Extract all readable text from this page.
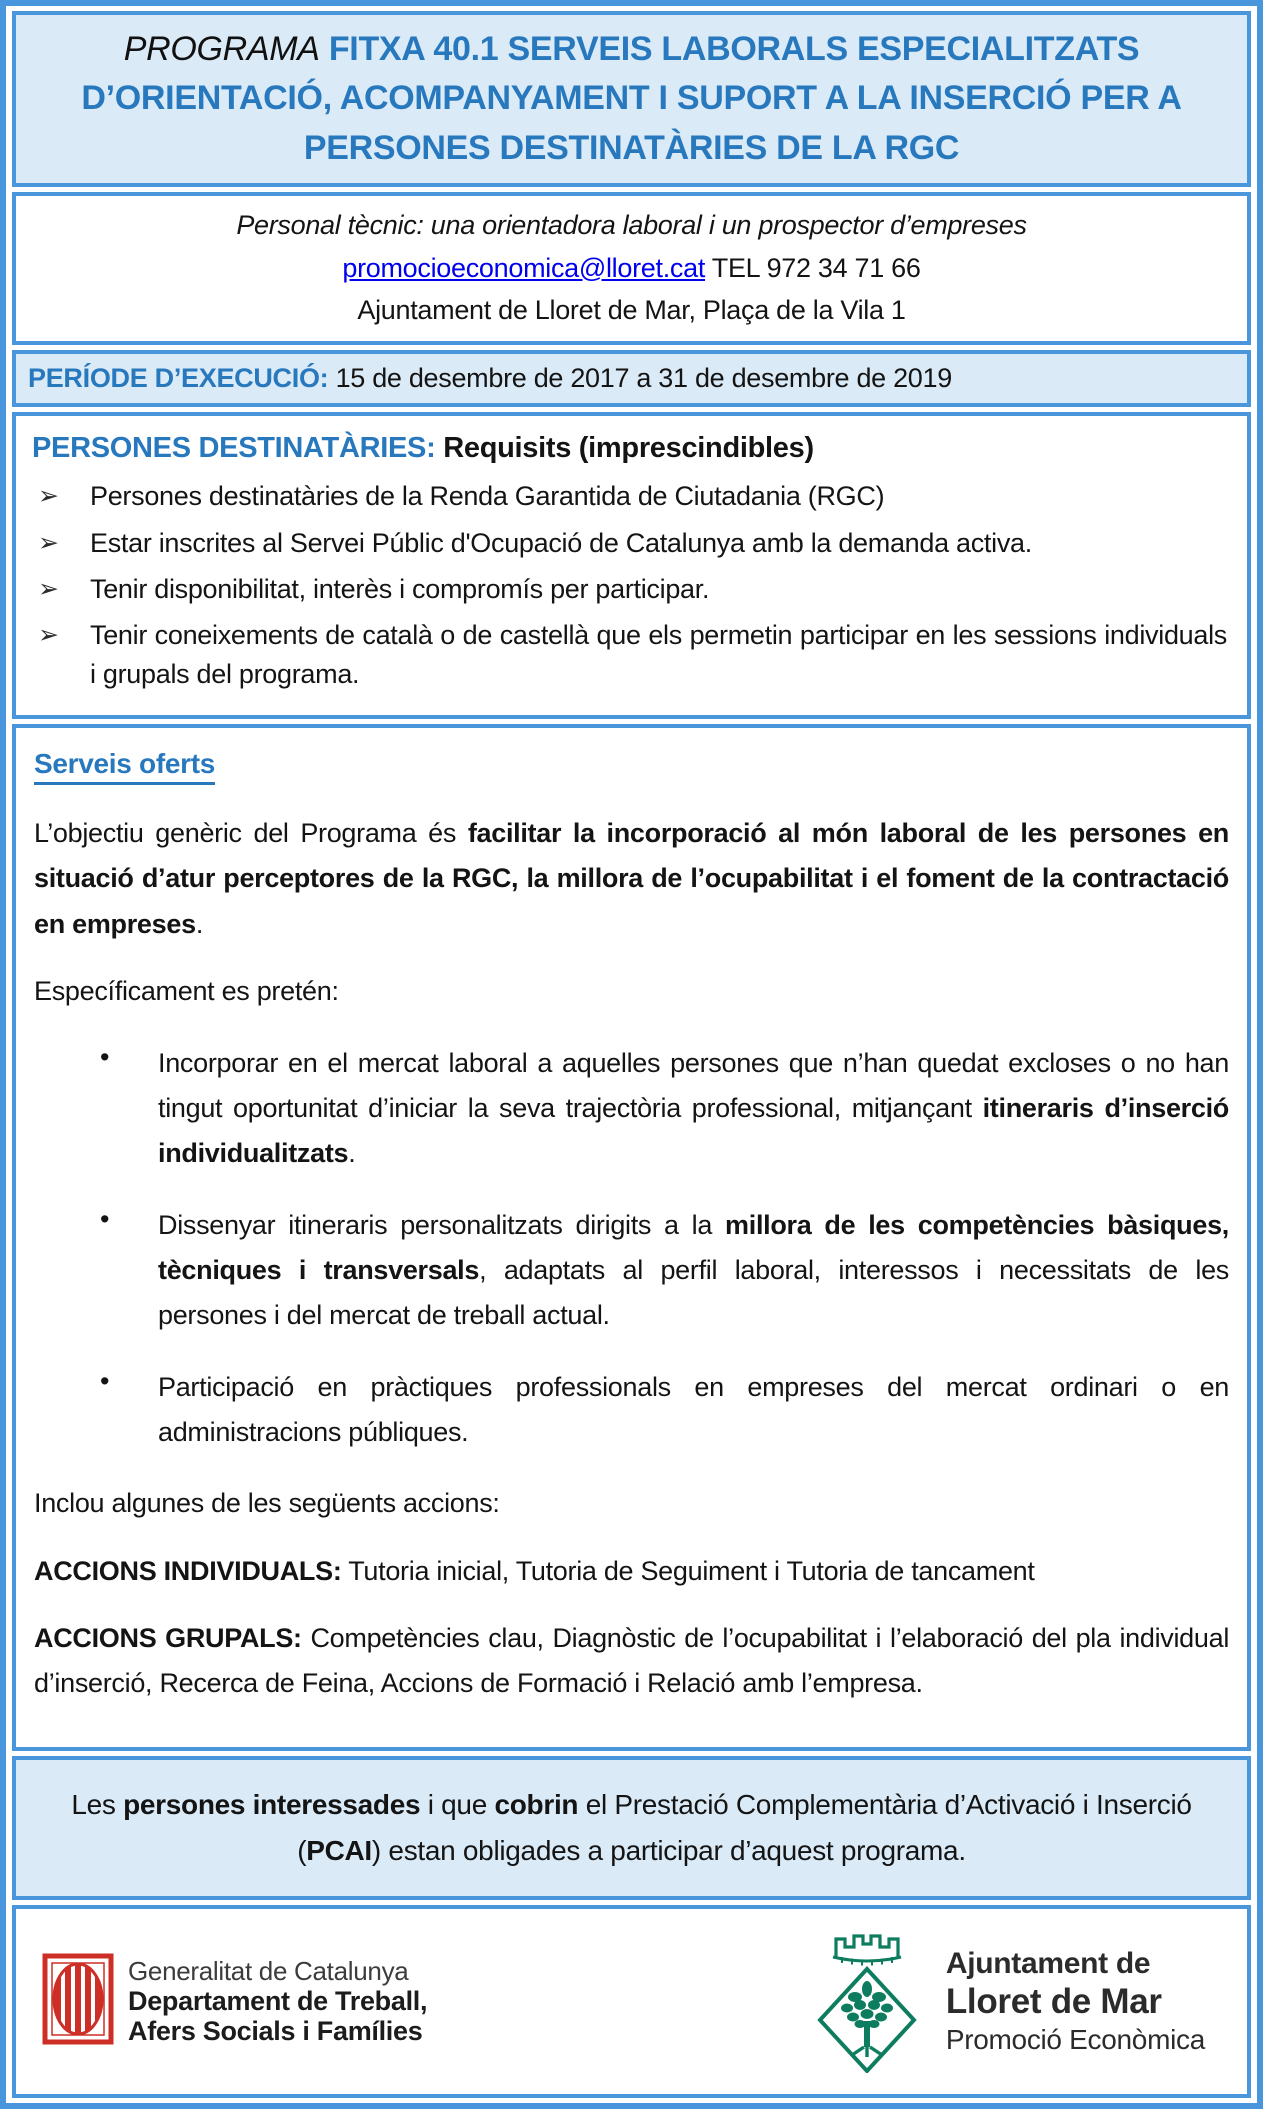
PROGRAMA FITXA 40.1 SERVEIS LABORALS ESPECIALITZATS D’ORIENTACIÓ, ACOMPANYAMENT I SUPORT A LA INSERCIÓ PER A PERSONES DESTINATÀRIES DE LA RGC

Personal tècnic: una orientadora laboral i un prospector d’empreses

promocioeconomica@lloret.cat TEL 972 34 71 66

Ajuntament de Lloret de Mar, Plaça de la Vila 1

PERÍODE D’EXECUCIÓ: 15 de desembre de 2017 a 31 de desembre de 2019
PERSONES DESTINATÀRIES: Requisits (imprescindibles)
➢	Persones destinatàries de la Renda Garantida de Ciutadania (RGC)

➢	Estar inscrites al Servei Públic d'Ocupació de Catalunya amb la demanda activa.

➢	Tenir disponibilitat, interès i compromís per participar.

➢	Tenir coneixements de català o de castellà que els permetin participar en les sessions individuals i grupals del programa.

Serveis oferts

L’objectiu genèric del Programa és facilitar la incorporació al món laboral de les persones en situació d’atur perceptores de la RGC, la millora de l’ocupabilitat i el foment de la contractació en empreses.

Específicament es pretén:

•	Incorporar en el mercat laboral a aquelles persones que n’han quedat excloses o no han tingut oportunitat d’iniciar la seva trajectòria professional, mitjançant itineraris d’inserció individualitzats.

•	Dissenyar itineraris personalitzats dirigits a la millora de les competències bàsiques, tècniques i transversals, adaptats al perfil laboral, interessos i necessitats de les persones i del mercat de treball actual.

•	Participació en pràctiques professionals en empreses del mercat ordinari o en administracions públiques.

Inclou algunes de les següents accions:

ACCIONS INDIVIDUALS: Tutoria inicial, Tutoria de Seguiment i Tutoria de tancament

ACCIONS GRUPALS: Competències clau, Diagnòstic de l’ocupabilitat i l’elaboració del pla individual d’inserció, Recerca de Feina, Accions de Formació i Relació amb l’empresa.

Les persones interessades i que cobrin el Prestació Complementària d’Activació i Inserció (PCAI) estan obligades a participar d’aquest programa.

Generalitat de Catalunya
Departament de Treball,
Afers Socials i Famílies
Ajuntament de
Lloret de Mar
Promoció Econòmica
